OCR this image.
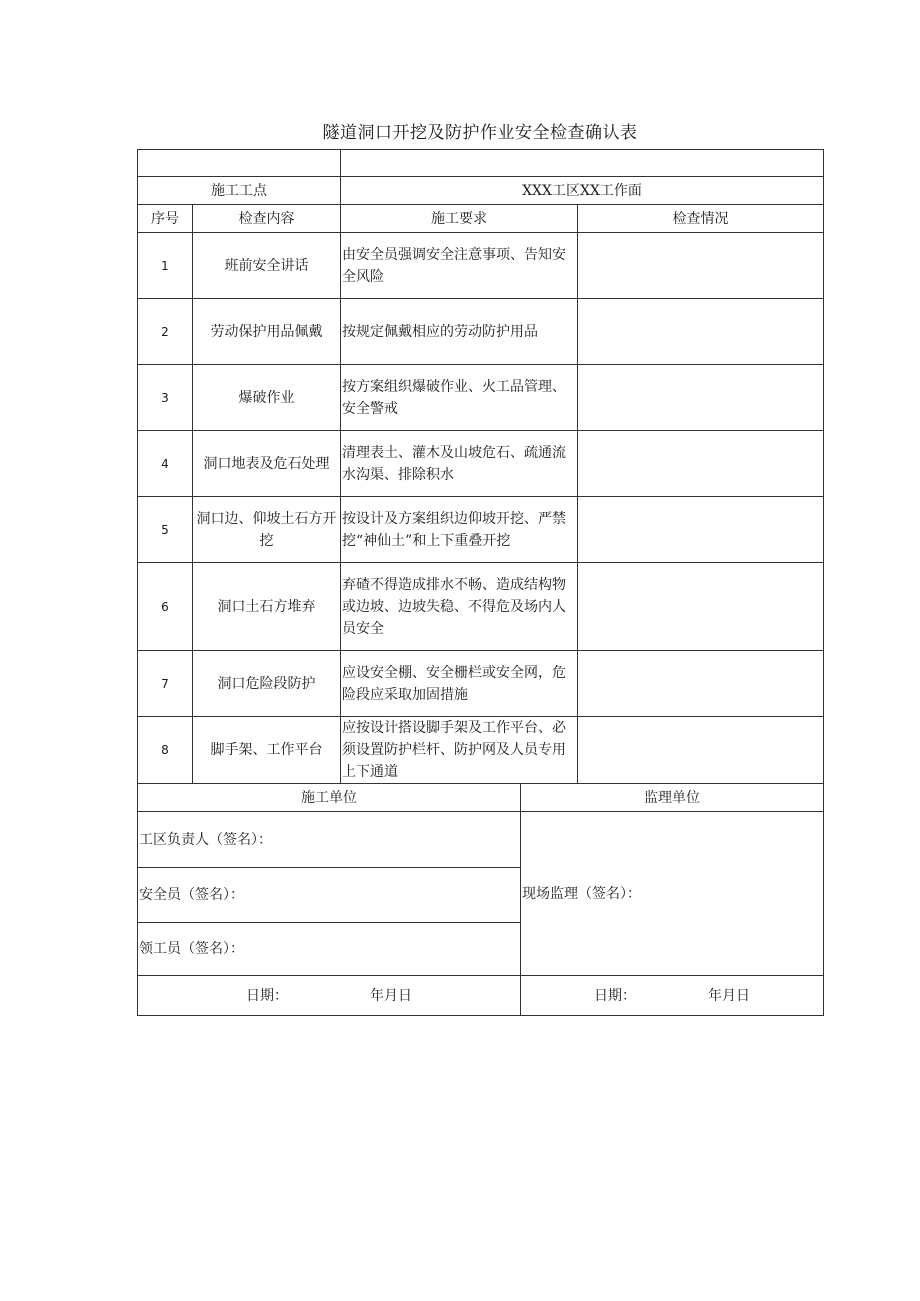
隧道洞口开挖及防护作业安全检查确认表

施工工点		XXX工区XX工作面		
序号	检查内容	施工要求		检查情况
1	班前安全讲话	由安全员强调安全注意事项、告知安全风险		
2	劳动保护用品佩戴	按规定佩戴相应的劳动防护用品		
3	爆破作业	按方案组织爆破作业、火工品管理、安全警戒		
4	洞口地表及危石处理	清理表土、灌木及山坡危石、疏通流水沟渠、排除积水		
5	洞口边、仰坡土石方开挖	按设计及方案组织边仰坡开挖、严禁挖“神仙土”和上下重叠开挖		
6	洞口土石方堆弃	弃碴不得造成排水不畅、造成结构物或边坡、边坡失稳、不得危及场内人员安全		
7	洞口危险段防护	应设安全棚、安全栅栏或安全网，危险段应采取加固措施		
8	脚手架、工作平台	应按设计搭设脚手架及工作平台、必须设置防护栏杆、防护网及人员专用上下通道		
施工单位			监理单位	
工区负责人（签名）：			现场监理（签名）：	
安全员（签名）：				
领工员（签名）：				
日期： 年月日			日期： 年月日	
